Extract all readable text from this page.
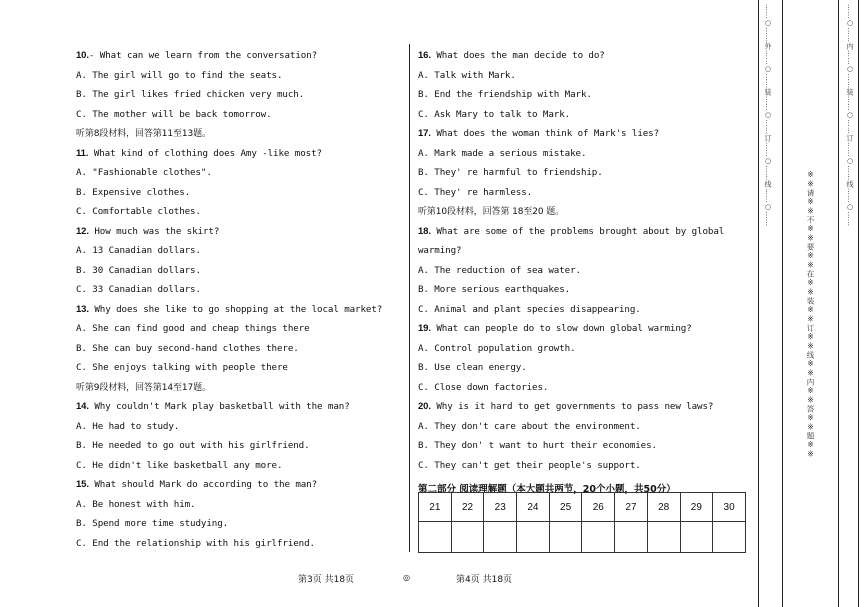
10.- What can we learn from the conversation?
A. The girl will go to find the seats.
B. The girl likes fried chicken very much.
C. The mother will be back tomorrow.
听第8段材料，回答第11至13题。
11. What kind of clothing does Amy -like most?
A. "Fashionable clothes".
B. Expensive clothes.
C. Comfortable clothes.
12. How much was the skirt?
A. 13 Canadian dollars.
B. 30 Canadian dollars.
C. 33 Canadian dollars.
13. Why does she like to go shopping at the local market?
A. She can find good and cheap things there
B. She can buy second-hand clothes there.
C. She enjoys talking with people there
听第9段材料，回答第14至17题。
14. Why couldn't Mark play basketball with the man?
A. He had to study.
B. He needed to go out with his girlfriend.
C. He didn't like basketball any more.
15. What should Mark do according to the man?
A. Be honest with him.
B. Spend more time studying.
C. End the relationship with his girlfriend.
16. What does the man decide to do?
A. Talk with Mark.
B. End the friendship with Mark.
C. Ask Mary to talk to Mark.
17. What does the woman think of Mark's lies?
A. Mark made a serious mistake.
B. They' re harmful to friendship.
C. They' re harmless.
听第10段材料，回答第 18至20 题。
18. What are some of the problems brought about by global
warming?
A. The reduction of sea water.
B. More serious earthquakes.
C. Animal and plant species disappearing.
19. What can people do to slow down global warming?
A. Control population growth.
B. Use clean energy.
C. Close down factories.
20. Why is it hard to get governments to pass new laws?
A. They don't care about the environment.
B. They don' t want to hurt their economies.
C. They can't get their people's support.
第二部分 阅读理解题（本大题共两节，20个小题，共50分）
21	22	23	24	25	26	27	28	29	30

第3页 共18页	◎	第4页 共18页
……○……外……○……装……○……订……○……线……○……
※※请※※不※※要※※在※※装※※订※※线※※内※※答※※题※※
……○……内……○……装……○……订……○……线……○……
